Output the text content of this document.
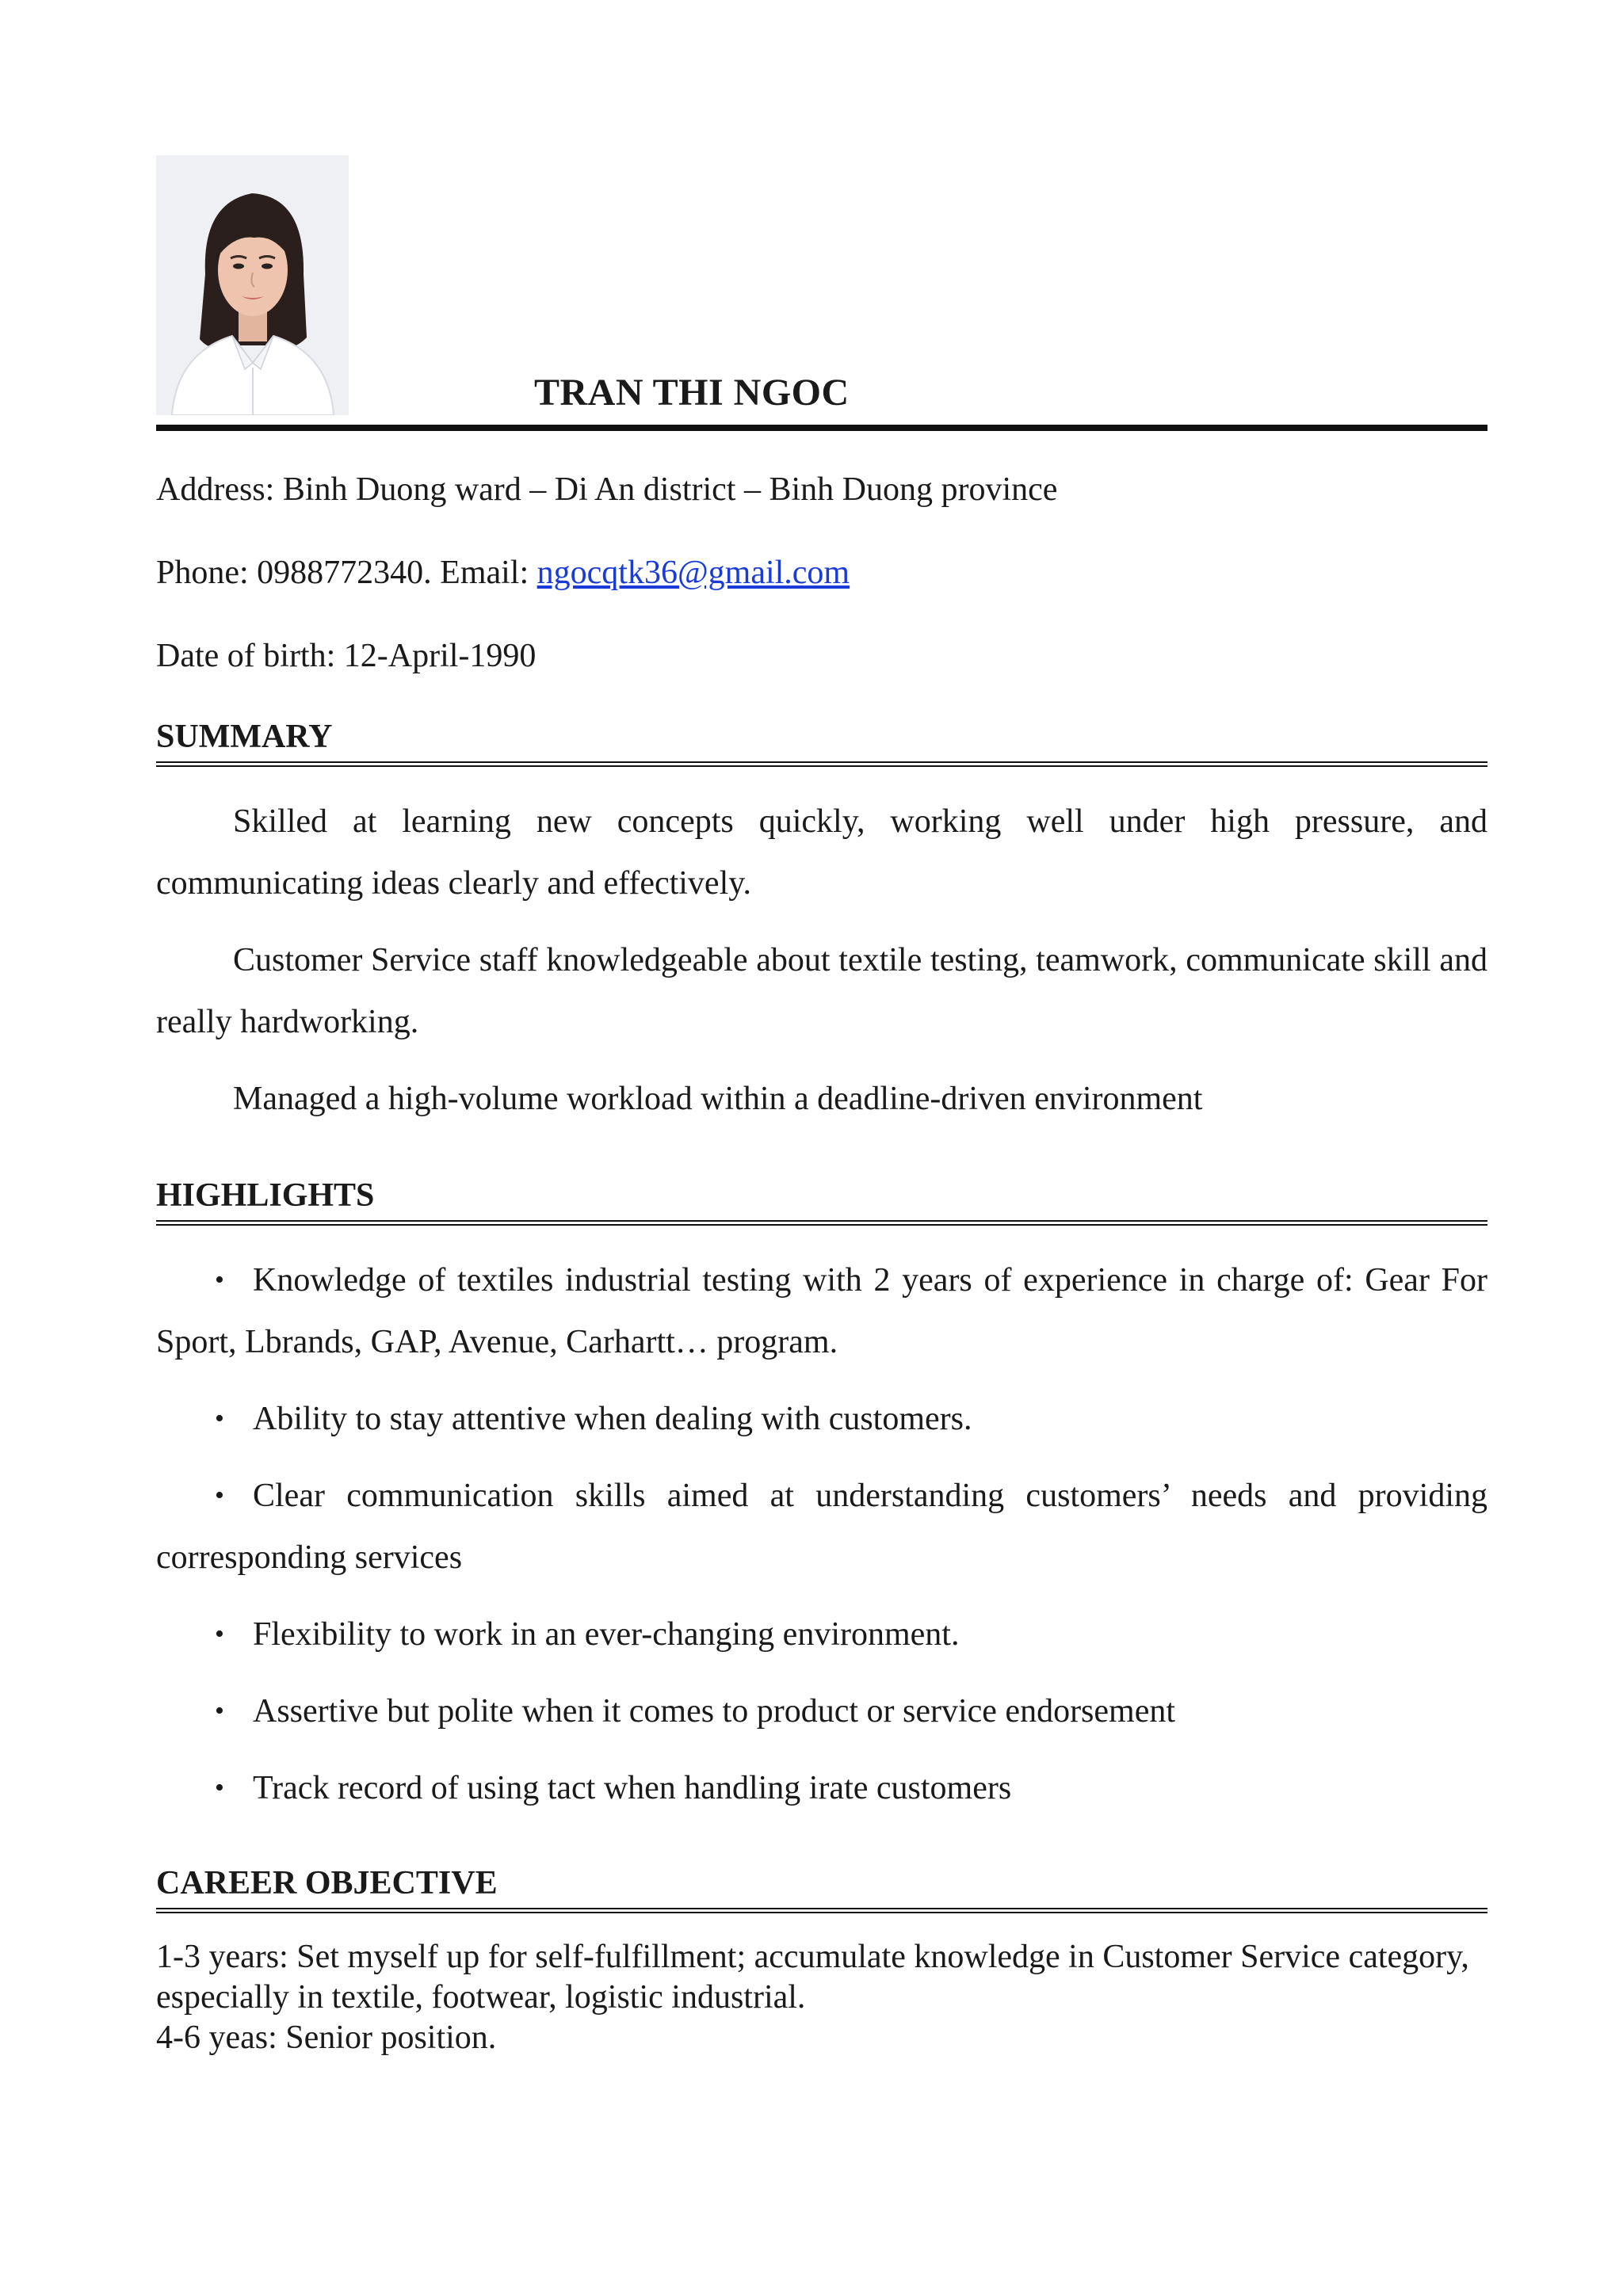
TRAN THI NGOC

Address: Binh Duong ward – Di An district – Binh Duong province

Phone: 0988772340. Email: ngocqtk36@gmail.com

Date of birth: 12-April-1990

SUMMARY

Skilled at learning new concepts quickly, working well under high pressure, and communicating ideas clearly and effectively.

Customer Service staff knowledgeable about textile testing, teamwork, communicate skill and really hardworking.

Managed a high-volume workload within a deadline-driven environment

HIGHLIGHTS
• Knowledge of textiles industrial testing with 2 years of experience in charge of: Gear For Sport, Lbrands, GAP, Avenue, Carhartt… program.
• Ability to stay attentive when dealing with customers.
• Clear communication skills aimed at understanding customers’ needs and providing corresponding services
• Flexibility to work in an ever-changing environment.
• Assertive but polite when it comes to product or service endorsement
• Track record of using tact when handling irate customers
CAREER OBJECTIVE

1-3 years: Set myself up for self-fulfillment; accumulate knowledge in Customer Service category, especially in textile, footwear, logistic industrial.

4-6 yeas: Senior position.
